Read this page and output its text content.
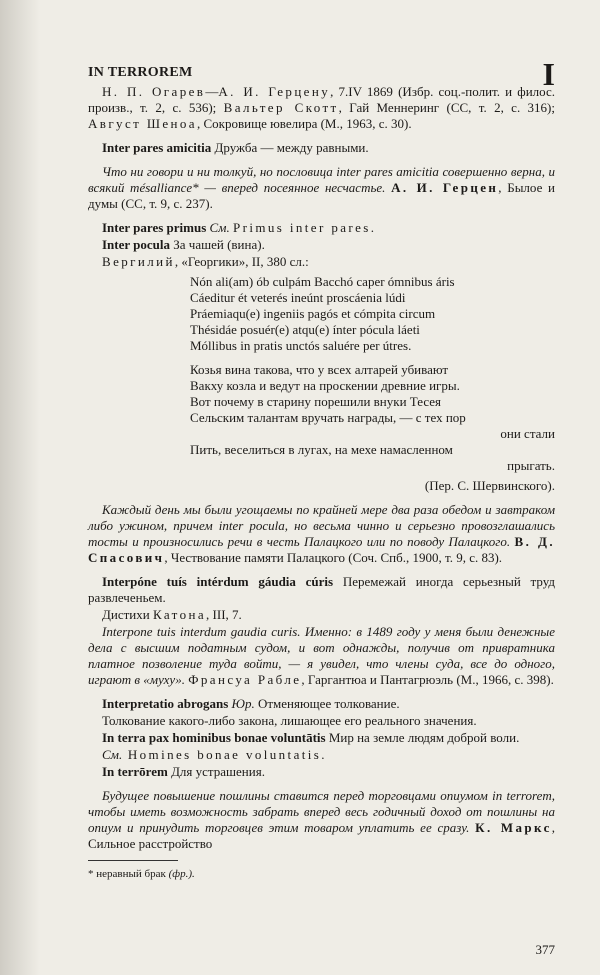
IN TERROREM	I

Н. П. Огарев—А. И. Герцену, 7.IV 1869 (Избр. соц.-полит. и филос. произв., т. 2, с. 536); Вальтер Скотт, Гай Меннеринг (СС, т. 2, с. 316); Август Шеноа, Сокровище ювелира (М., 1963, с. 30).

Inter pares amicitia Дружба — между равными.

Что ни говори и ни толкуй, но пословица inter pares amicitia совершенно верна, и всякий mésalliance* — вперед посеянное несчастье. А. И. Герцен, Былое и думы (СС, т. 9, с. 237).

Inter pares primus См. Primus inter pares.

Inter pocula За чашей (вина).

Вергилий, «Георгики», II, 380 сл.:

Nón ali(am) ób culpám Bacchó caper ómnibus áris
Cáeditur ét veterés ineúnt proscáenia lúdi
Práemiaqu(e) ingeniis pagós et cómpita circum
Thésidáe posuér(e) atqu(e) ínter pócula láeti
Móllibus in pratis unctós saluére per útres.
Козья вина такова, что у всех алтарей убивают
Вакху козла и ведут на проскении древние игры.
Вот почему в старину порешили внуки Тесея
Сельским талантам вручать награды, — с тех пор
они стали
Пить, веселиться в лугах, на мехе намасленном
прыгать.
(Пер. С. Шервинского).

Каждый день мы были угощаемы по крайней мере два раза обедом и завтраком либо ужином, причем inter pocula, но весьма чинно и серьезно провозглашались тосты и произносились речи в честь Палацкого или по поводу Палацкого. В. Д. Спасович, Чествование памяти Палацкого (Соч. Спб., 1900, т. 9, с. 83).

Interpóne tuís intérdum gáudia cúris Перемежай иногда серьезный труд развлеченьем.

Дистихи Катона, III, 7.

Interpone tuis interdum gaudia curis. Именно: в 1489 году у меня были денежные дела с высшим податным судом, и вот однажды, получив от привратника платное позволение туда войти, — я увидел, что члены суда, все до одного, играют в «муху». Франсуа Рабле, Гаргантюа и Пантагрюэль (М., 1966, с. 398).

Interpretatio abrogans Юр. Отменяющее толкование.

Толкование какого-либо закона, лишающее его реального значения.

In terra pax hominibus bonae voluntātis Мир на земле людям доброй воли.

См. Homines bonae voluntatis.

In terrōrem Для устрашения.

Будущее повышение пошлины ставится перед торговцами опиумом in terrorem, чтобы иметь возможность забрать вперед весь годичный доход от пошлины на опиум и принудить торговцев этим товаром уплатить ее сразу. К. Маркс, Сильное расстройство

* неравный брак (фр.).

377
